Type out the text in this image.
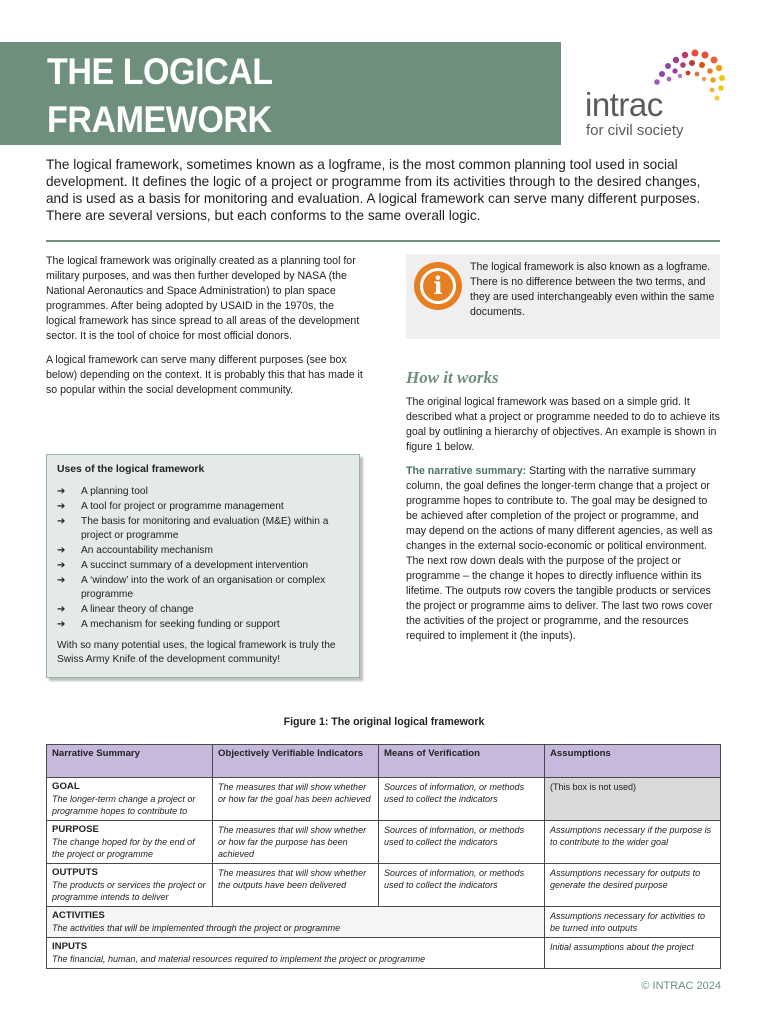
THE LOGICAL
FRAMEWORK	intrac
for civil society

The logical framework, sometimes known as a logframe, is the most common planning tool used in social development. It defines the logic of a project or programme from its activities through to the desired changes, and is used as a basis for monitoring and evaluation. A logical framework can serve many different purposes. There are several versions, but each conforms to the same overall logic.

The logical framework was originally created as a planning tool for military purposes, and was then further developed by NASA (the National Aeronautics and Space Administration) to plan space programmes. After being adopted by USAID in the 1970s, the logical framework has since spread to all areas of the development sector. It is the tool of choice for most official donors.

A logical framework can serve many different purposes (see box below) depending on the context. It is probably this that has made it so popular within the social development community.

Uses of the logical framework
➔ A planning tool
➔ A tool for project or programme management
➔ The basis for monitoring and evaluation (M&E) within a project or programme
➔ An accountability mechanism
➔ A succinct summary of a development intervention
➔ A ‘window’ into the work of an organisation or complex programme
➔ A linear theory of change
➔ A mechanism for seeking funding or support

With so many potential uses, the logical framework is truly the Swiss Army Knife of the development community!

i

The logical framework is also known as a logframe. There is no difference between the two terms, and they are used interchangeably even within the same documents.

How it works

The original logical framework was based on a simple grid. It described what a project or programme needed to do to achieve its goal by outlining a hierarchy of objectives. An example is shown in figure 1 below.

The narrative summary: Starting with the narrative summary column, the goal defines the longer-term change that a project or programme hopes to contribute to. The goal may be designed to be achieved after completion of the project or programme, and may depend on the actions of many different agencies, as well as changes in the external socio-economic or political environment. The next row down deals with the purpose of the project or programme – the change it hopes to directly influence within its lifetime. The outputs row covers the tangible products or services the project or programme aims to deliver. The last two rows cover the activities of the project or programme, and the resources required to implement it (the inputs).

Figure 1: The original logical framework
Narrative Summary	Objectively Verifiable Indicators	Means of Verification	Assumptions

GOAL
The longer-term change a project or programme hopes to contribute to	The measures that will show whether or how far the goal has been achieved	Sources of information, or methods used to collect the indicators	(This box is not used)

PURPOSE
The change hoped for by the end of the project or programme	The measures that will show whether or how far the purpose has been achieved	Sources of information, or methods used to collect the indicators	Assumptions necessary if the purpose is to contribute to the wider goal

OUTPUTS
The products or services the project or programme intends to deliver	The measures that will show whether the outputs have been delivered	Sources of information, or methods used to collect the indicators	Assumptions necessary for outputs to generate the desired purpose

ACTIVITIES
The activities that will be implemented through the project or programme			Assumptions necessary for activities to be turned into outputs

INPUTS
The financial, human, and material resources required to implement the project or programme			Initial assumptions about the project
© INTRAC 2024
